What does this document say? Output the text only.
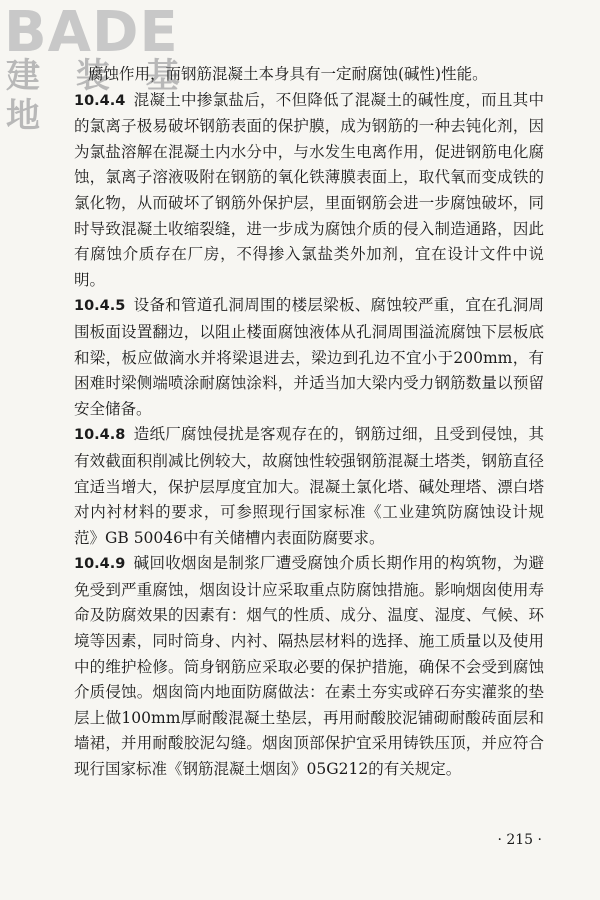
BADE
建 装 基 地

腐蚀作用，而钢筋混凝土本身具有一定耐腐蚀(碱性)性能。

10.4.4 混凝土中掺氯盐后，不但降低了混凝土的碱性度，而且其中的氯离子极易破坏钢筋表面的保护膜，成为钢筋的一种去钝化剂，因为氯盐溶解在混凝土内水分中，与水发生电离作用，促进钢筋电化腐蚀，氯离子溶液吸附在钢筋的氧化铁薄膜表面上，取代氧而变成铁的氯化物，从而破坏了钢筋外保护层，里面钢筋会进一步腐蚀破坏，同时导致混凝土收缩裂缝，进一步成为腐蚀介质的侵入制造通路，因此有腐蚀介质存在厂房，不得掺入氯盐类外加剂，宜在设计文件中说明。

10.4.5 设备和管道孔洞周围的楼层梁板、腐蚀较严重，宜在孔洞周围板面设置翻边，以阻止楼面腐蚀液体从孔洞周围溢流腐蚀下层板底和梁，板应做滴水并将梁退进去，梁边到孔边不宜小于200mm，有困难时梁侧端喷涂耐腐蚀涂料，并适当加大梁内受力钢筋数量以预留安全储备。

10.4.8 造纸厂腐蚀侵扰是客观存在的，钢筋过细，且受到侵蚀，其有效截面积削减比例较大，故腐蚀性较强钢筋混凝土塔类，钢筋直径宜适当增大，保护层厚度宜加大。混凝土氯化塔、碱处理塔、漂白塔对内衬材料的要求，可参照现行国家标准《工业建筑防腐蚀设计规范》GB 50046中有关储槽内表面防腐要求。

10.4.9 碱回收烟囱是制浆厂遭受腐蚀介质长期作用的构筑物，为避免受到严重腐蚀，烟囱设计应采取重点防腐蚀措施。影响烟囱使用寿命及防腐效果的因素有：烟气的性质、成分、温度、湿度、气候、环境等因素，同时筒身、内衬、隔热层材料的选择、施工质量以及使用中的维护检修。筒身钢筋应采取必要的保护措施，确保不会受到腐蚀介质侵蚀。烟囱筒内地面防腐做法：在素土夯实或碎石夯实灌浆的垫层上做100mm厚耐酸混凝土垫层，再用耐酸胶泥铺砌耐酸砖面层和墙裙，并用耐酸胶泥勾缝。烟囱顶部保护宜采用铸铁压顶，并应符合现行国家标准《钢筋混凝土烟囱》05G212的有关规定。

· 215 ·
